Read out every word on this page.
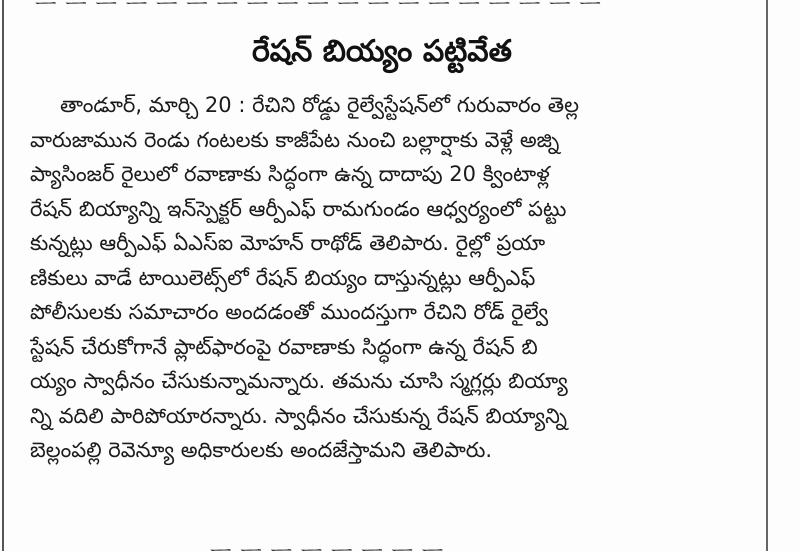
రేషన్ బియ్యం పట్టివేత
తాండూర్, మార్చి 20 : రేచిని రోడ్డు రైల్వేస్టేషన్‌లో గురువారం తెల్ల
వారుజామున రెండు గంటలకు కాజీపేట నుంచి బల్లార్షాకు వెళ్లే అజ్ని
ప్యాసింజర్ రైలులో రవాణాకు సిద్ధంగా ఉన్న దాదాపు 20 క్వింటాళ్ల
రేషన్ బియ్యాన్ని ఇన్‌స్పెక్టర్ ఆర్పీఎఫ్ రామగుండం ఆధ్వర్యంలో పట్టు
కున్నట్లు ఆర్పీఎఫ్ ఏఎస్ఐ మోహన్ రాథోడ్ తెలిపారు. రైల్లో ప్రయా
ణికులు వాడే టాయిలెట్స్‌లో రేషన్ బియ్యం దాస్తున్నట్లు ఆర్పీఎఫ్
పోలీసులకు సమాచారం అందడంతో ముందస్తుగా రేచిని రోడ్ రైల్వే
స్టేషన్ చేరుకోగానే ప్లాట్‌ఫారంపై రవాణాకు సిద్ధంగా ఉన్న రేషన్ బి
య్యం స్వాధీనం చేసుకున్నామన్నారు. తమను చూసి స్మగ్లర్లు బియ్యా
న్ని వదిలి పారిపోయారన్నారు. స్వాధీనం చేసుకున్న రేషన్ బియ్యాన్ని
బెల్లంపల్లి రెవెన్యూ అధికారులకు అందజేస్తామని తెలిపారు.
ᅳ ᅳ ᅳ ᅳ ᅳ ᅳ ᅳ ᅳ
